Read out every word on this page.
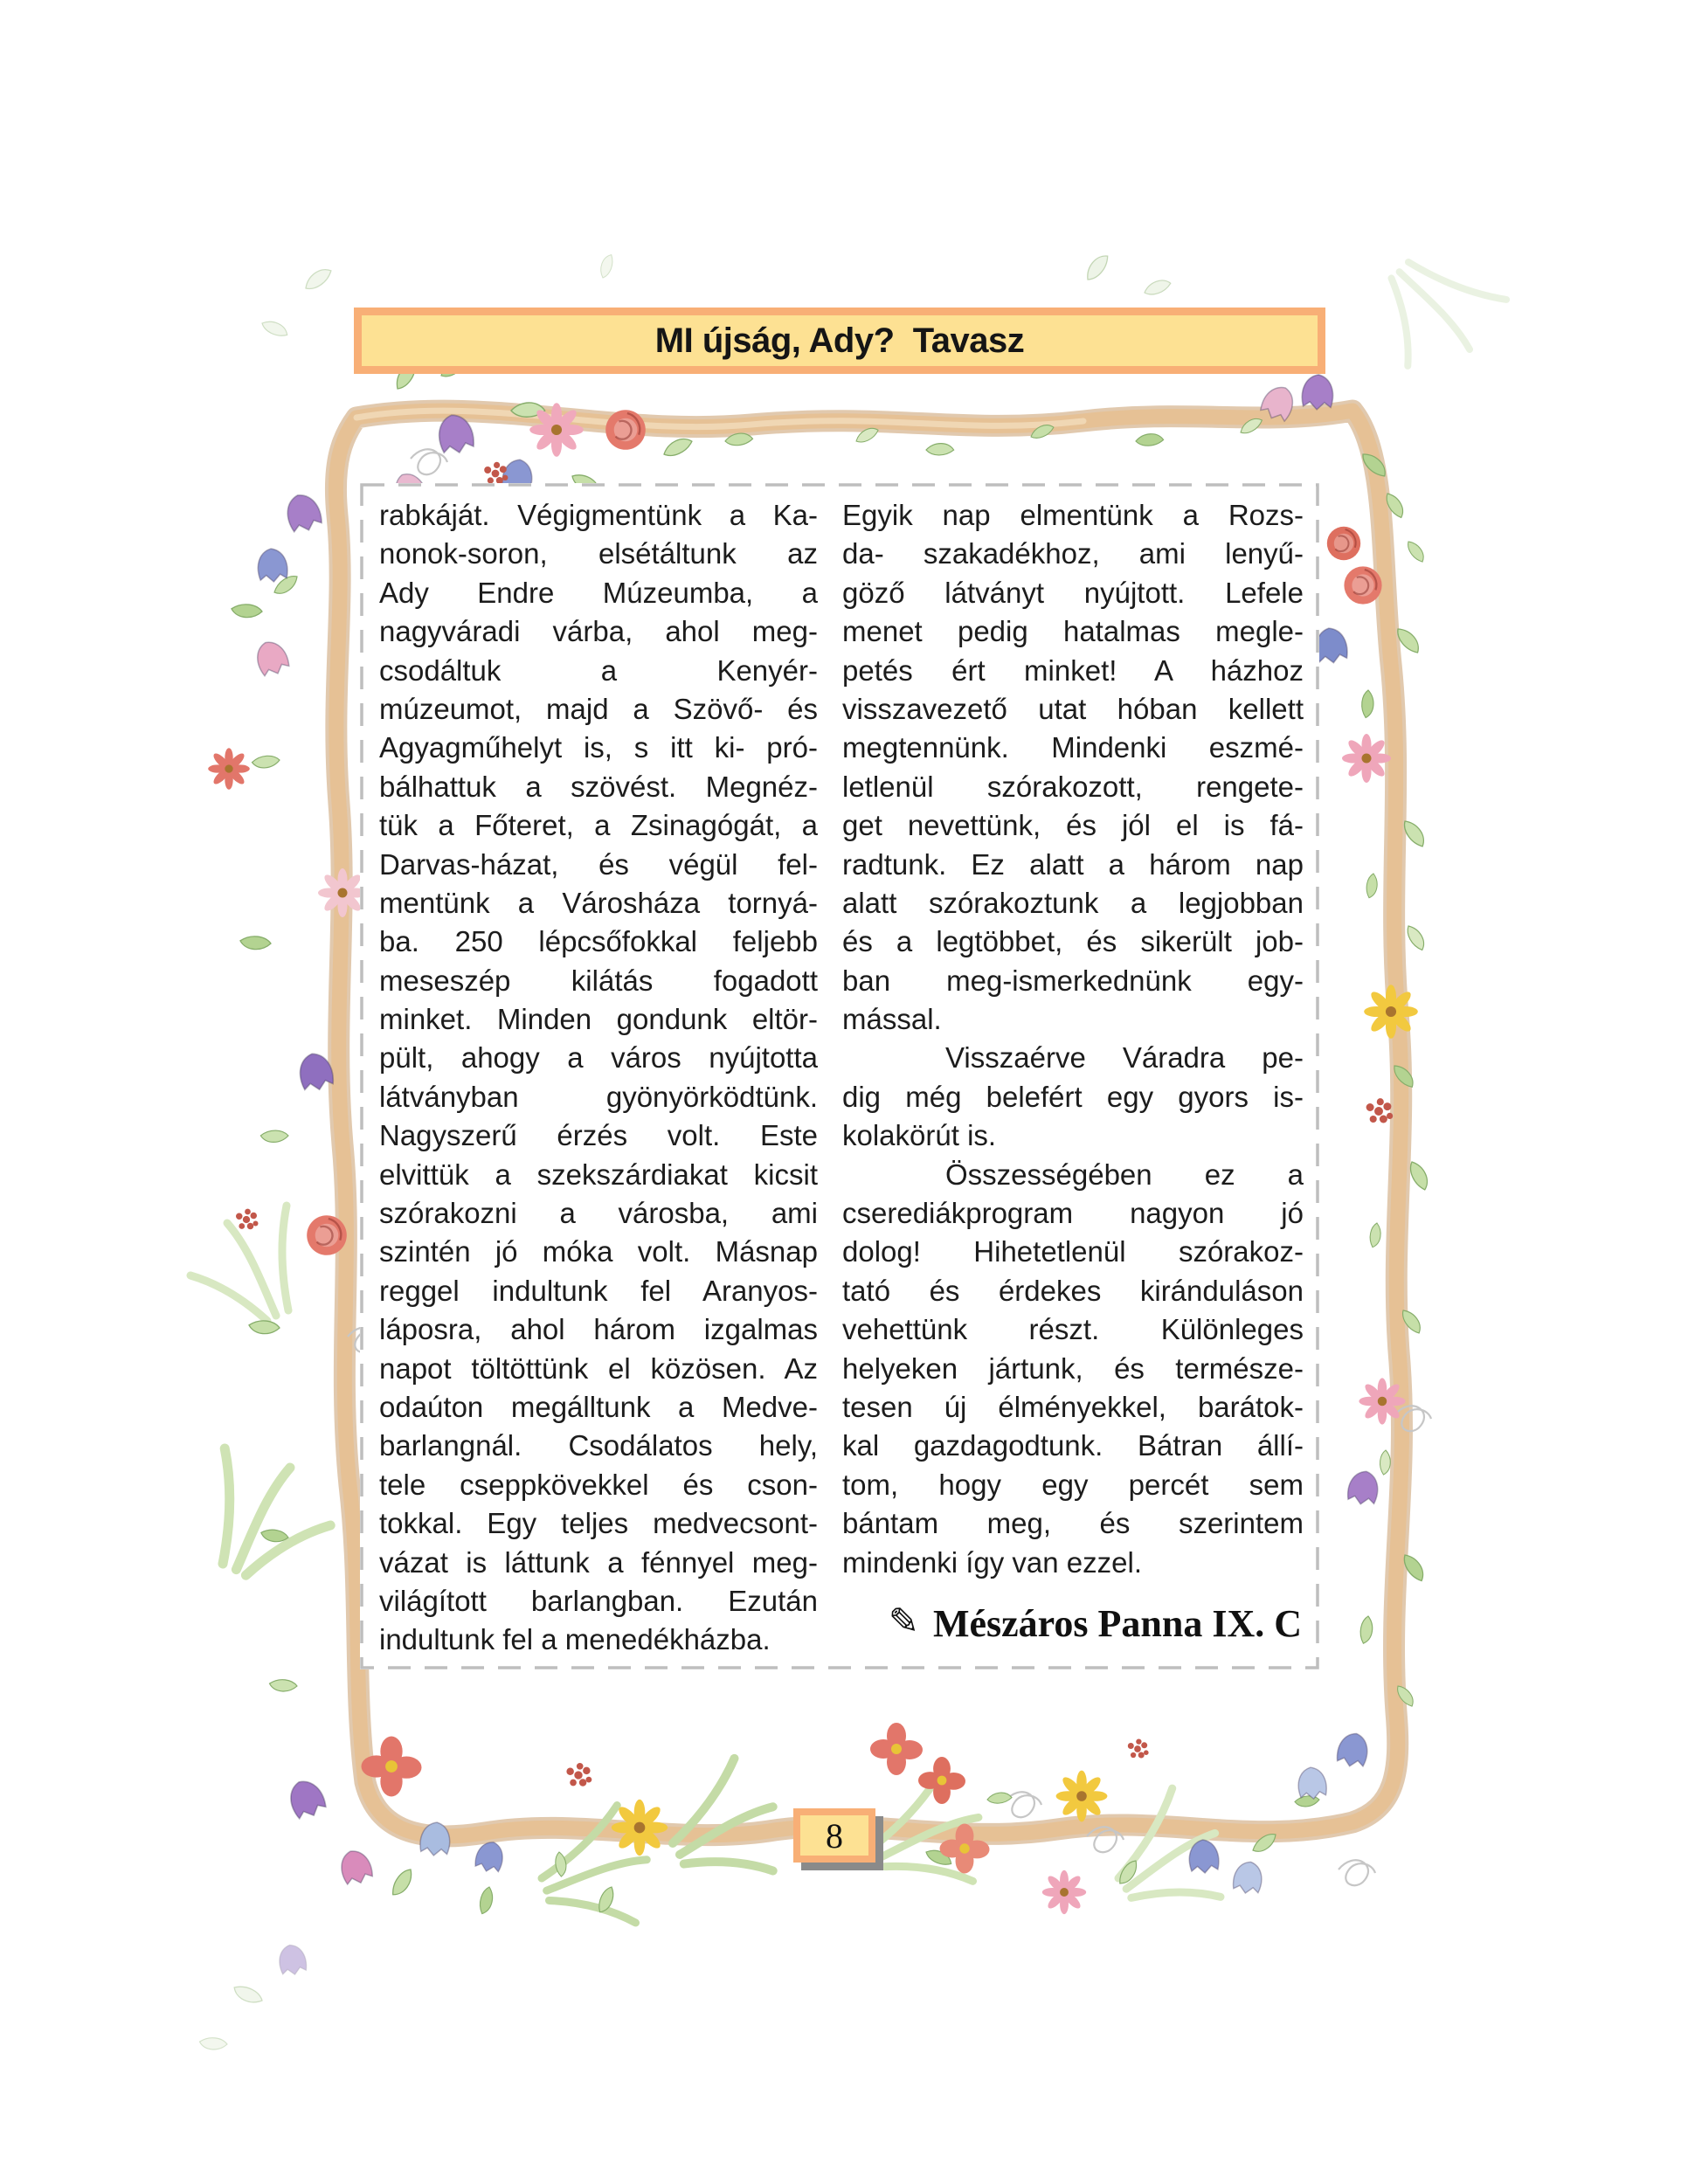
MI újság, Ady?  Tavasz
rabkáját. Végigmentünk a Ka-
nonok-soron, elsétáltunk az
Ady Endre Múzeumba, a
nagyváradi várba, ahol meg-
csodáltuk a Kenyér-
múzeumot, majd a Szövő- és
Agyagműhelyt is, s itt ki- pró-
bálhattuk a szövést. Megnéz-
tük a Főteret, a Zsinagógát, a
Darvas-házat, és végül fel-
mentünk a Városháza tornyá-
ba. 250 lépcsőfokkal feljebb
meseszép kilátás fogadott
minket. Minden gondunk eltör-
pült, ahogy a város nyújtotta
látványban gyönyörködtünk.
Nagyszerű érzés volt. Este
elvittük a szekszárdiakat kicsit
szórakozni a városba, ami
szintén jó móka volt. Másnap
reggel indultunk fel Aranyos-
láposra, ahol három izgalmas
napot töltöttünk el közösen. Az
odaúton megálltunk a Medve-
barlangnál. Csodálatos hely,
tele cseppkövekkel és cson-
tokkal. Egy teljes medvecsont-
vázat is láttunk a fénnyel meg-
világított barlangban. Ezután
indultunk fel a menedékházba.
Egyik nap elmentünk a Rozs-
da- szakadékhoz, ami lenyű-
göző látványt nyújtott. Lefele
menet pedig hatalmas megle-
petés ért minket! A házhoz
visszavezető utat hóban kellett
megtennünk. Mindenki eszmé-
letlenül szórakozott, rengete-
get nevettünk, és jól el is fá-
radtunk. Ez alatt a három nap
alatt szórakoztunk a legjobban
és a legtöbbet, és sikerült job-
ban meg-ismerkednünk egy-
mással.
Visszaérve Váradra pe-
dig még belefért egy gyors is-
kolakörút is.
Összességében ez a
cserediákprogram nagyon jó
dolog! Hihetetlenül szórakoz-
tató és érdekes kiránduláson
vehettünk részt. Különleges
helyeken jártunk, és természe-
tesen új élményekkel, barátok-
kal gazdagodtunk. Bátran állí-
tom, hogy egy percét sem
bántam meg, és szerintem
mindenki így van ezzel.
✎ Mészáros Panna IX. C
8
